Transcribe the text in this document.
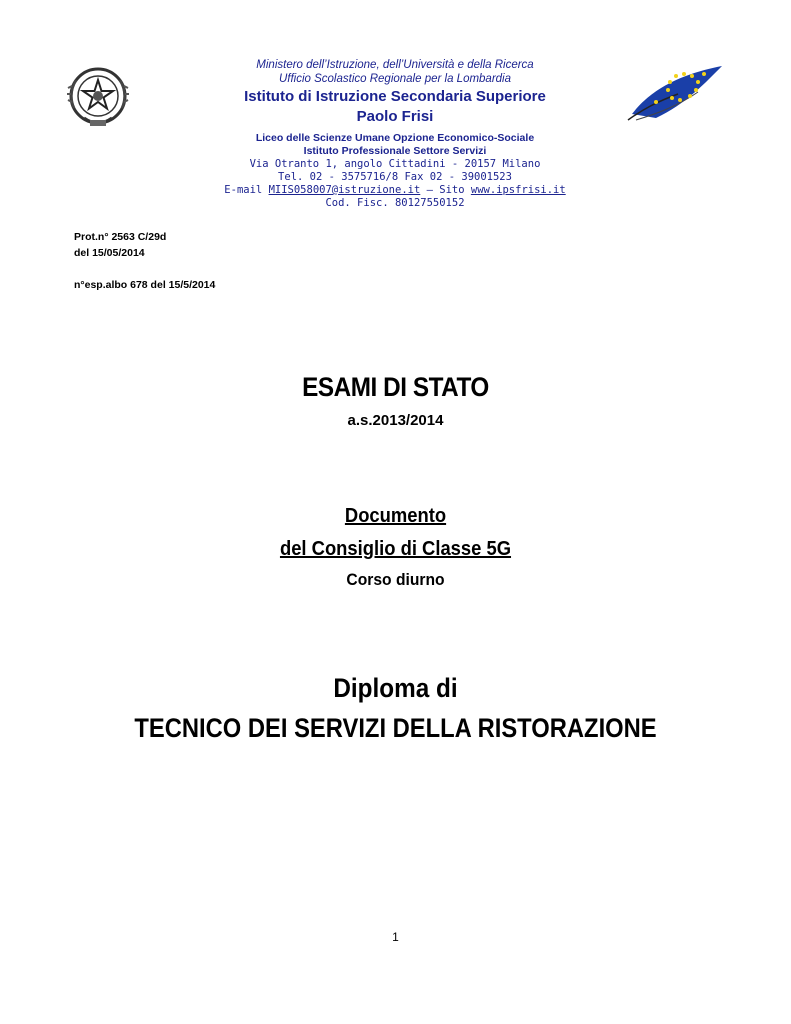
Ministero dell’Istruzione, dell’Università e della Ricerca
Ufficio Scolastico Regionale per la Lombardia
Istituto di Istruzione Secondaria Superiore
Paolo Frisi
Liceo delle Scienze Umane Opzione Economico-Sociale
Istituto Professionale Settore Servizi
Via Otranto 1, angolo Cittadini - 20157 Milano
Tel. 02 - 3575716/8 Fax 02 - 39001523
E-mail MIIS058007@istruzione.it – Sito www.ipsfrisi.it
Cod. Fisc. 80127550152
Prot.n° 2563 C/29d
del 15/05/2014
n°esp.albo 678 del 15/5/2014
ESAMI DI STATO
a.s.2013/2014
Documento
del Consiglio di Classe 5G
Corso diurno
Diploma di
TECNICO DEI SERVIZI DELLA RISTORAZIONE
1
